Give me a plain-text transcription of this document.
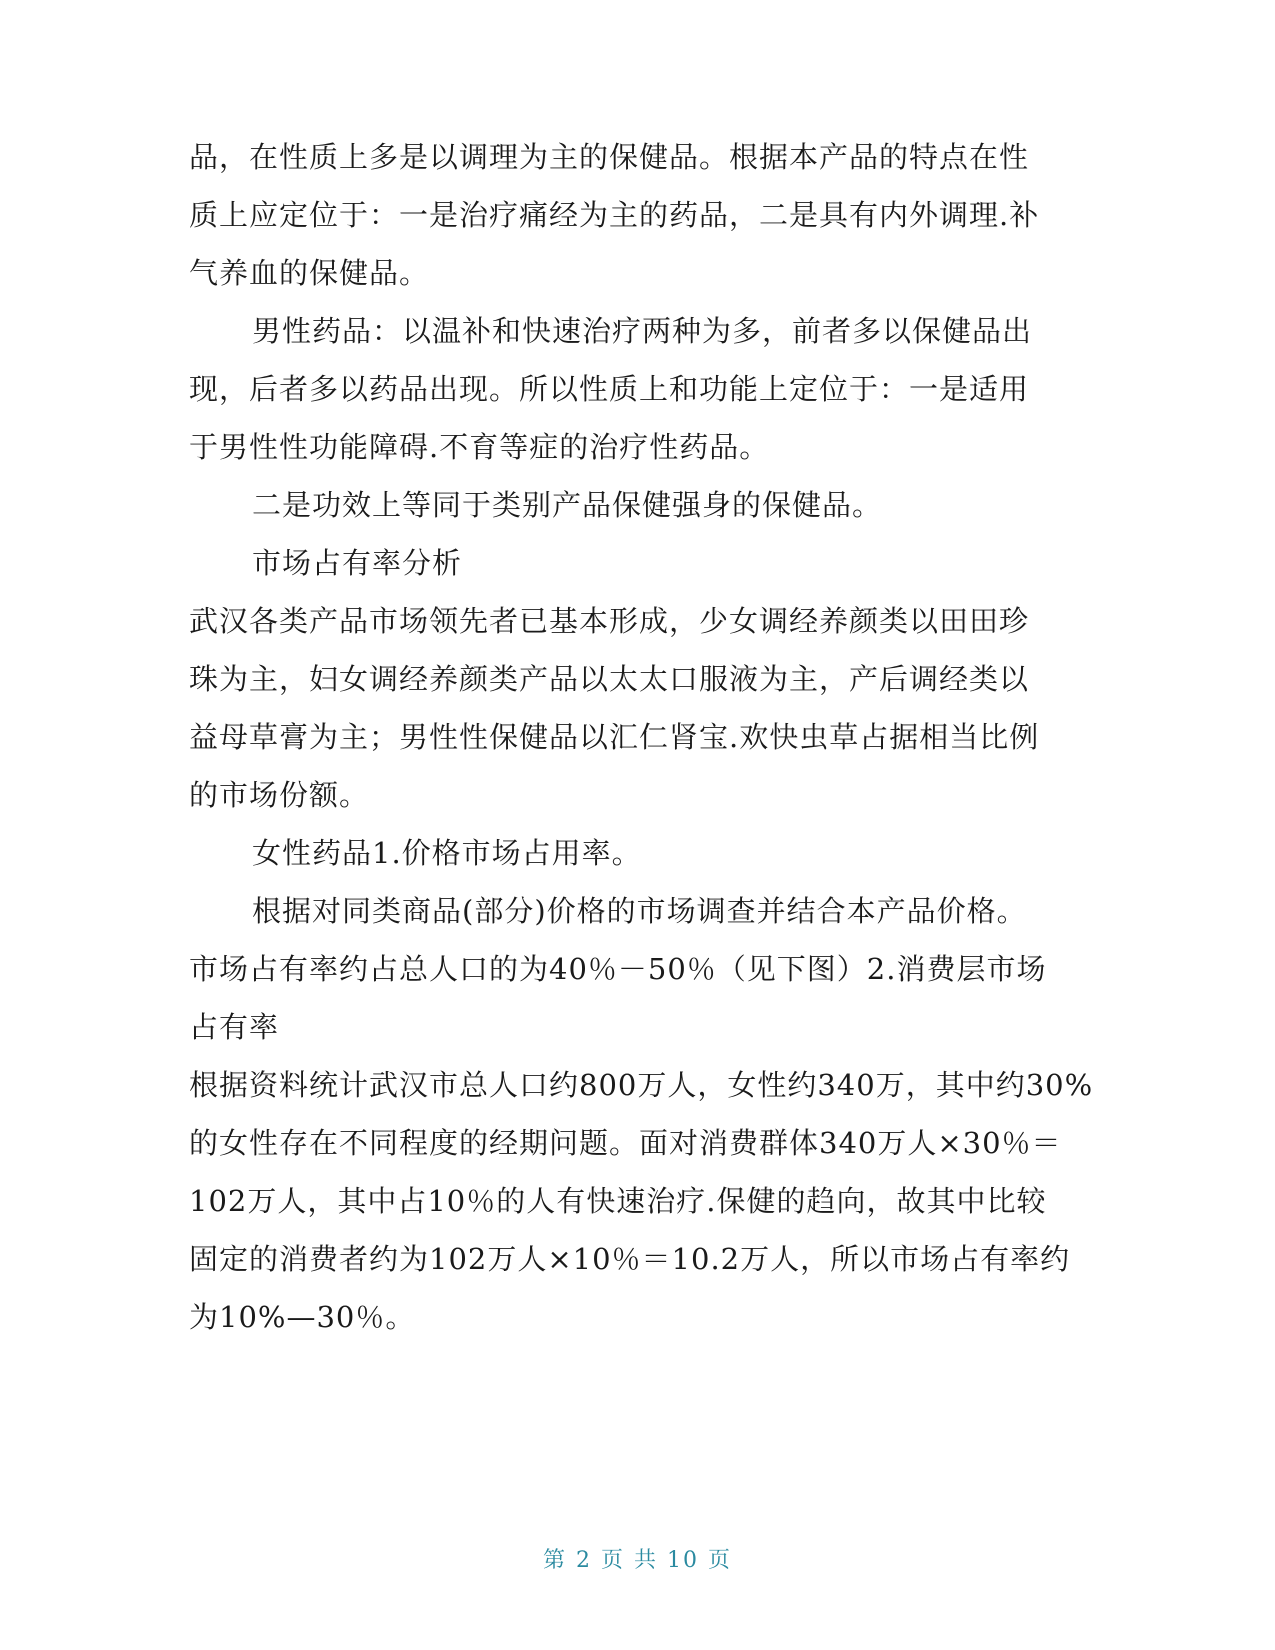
品，在性质上多是以调理为主的保健品。根据本产品的特点在性
质上应定位于：一是治疗痛经为主的药品，二是具有内外调理.补
气养血的保健品。
男性药品：以温补和快速治疗两种为多，前者多以保健品出
现，后者多以药品出现。所以性质上和功能上定位于：一是适用
于男性性功能障碍.不育等症的治疗性药品。
二是功效上等同于类别产品保健强身的保健品。
市场占有率分析
武汉各类产品市场领先者已基本形成，少女调经养颜类以田田珍
珠为主，妇女调经养颜类产品以太太口服液为主，产后调经类以
益母草膏为主；男性性保健品以汇仁肾宝.欢快虫草占据相当比例
的市场份额。
女性药品1.价格市场占用率。
根据对同类商品(部分)价格的市场调查并结合本产品价格。
市场占有率约占总人口的为40％－50％（见下图）2.消费层市场
占有率
根据资料统计武汉市总人口约800万人，女性约340万，其中约30%
的女性存在不同程度的经期问题。面对消费群体340万人×30％＝
102万人，其中占10％的人有快速治疗.保健的趋向，故其中比较
固定的消费者约为102万人×10％＝10.2万人，所以市场占有率约
为10%—30％。
第 2 页 共 10 页
